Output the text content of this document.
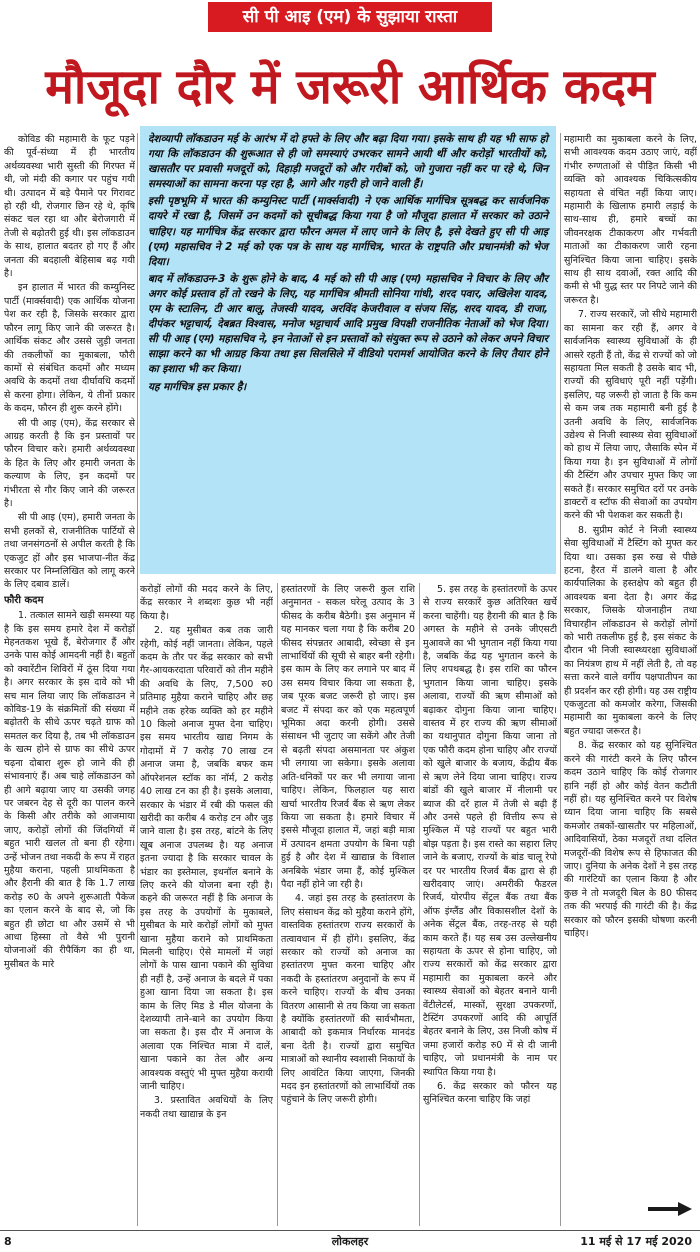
सी पी आइ (एम) के सुझाया रास्ता
मौजूदा दौर में जरूरी आर्थिक कदम

कोविड की महामारी के फूट पड़ने की पूर्व-संध्या में ही भारतीय अर्थव्यवस्था भारी सुस्ती की गिरफ्त में थी, जो मंदी की कगार पर पहुंच गयी थी। उत्पादन में बड़े पैमाने पर गिरावट हो रही थी, रोजगार छिन रहे थे, कृषि संकट चल रहा था और बेरोजगारी में तेजी से बढ़ोतरी हुई थी। इस लॉकडाउन के साथ, हालात बदतर हो गए हैं और जनता की बदहाली बेहिसाब बढ़ गयी है।

इन हालात में भारत की कम्युनिस्ट पार्टी (मार्क्सवादी) एक आर्थिक योजना पेश कर रही है, जिसके सरकार द्वारा फौरन लागू किए जाने की जरूरत है। आर्थिक संकट और उससे जुड़ी जनता की तकलीफों का मुकाबला, फौरी कामों से संबंधित कदमों और मध्यम अवधि के कदमों तथा दीर्घावधि कदमों से करना होगा। लेकिन, ये तीनों प्रकार के कदम, फौरन ही शुरू करने होंगे।

सी पी आइ (एम), केंद्र सरकार से आग्रह करती है कि इन प्रस्तावों पर फौरन विचार करे। हमारी अर्थव्यवस्था के हित के लिए और हमारी जनता के कल्याण के लिए, इन कदमों पर गंभीरता से गौर किए जाने की जरूरत है।

सी पी आइ (एम), हमारी जनता के सभी हलकों से, राजनीतिक पार्टियों से तथा जनसंगठनों से अपील करती है कि एकजुट हों और इस भाजपा-नीत केंद्र सरकार पर निम्नलिखित को लागू करने के लिए दबाव डालें।

फौरी कदम

1. तत्काल सामने खड़ी समस्या यह है कि इस समय हमारे देश में करोड़ों मेहनतकश भूखे हैं, बेरोजगार हैं और उनके पास कोई आमदनी नहीं है। बहुतों को क्वारेंटीन शिविरों में ठूंस दिया गया है। अगर सरकार के इस दावे को भी सच मान लिया जाए कि लॉकडाउन ने कोविड-19 के संक्रमितों की संख्या में बढ़ोतरी के सीधे ऊपर चढ़ते ग्राफ को समतल कर दिया है, तब भी लॉकडाउन के खत्म होने से ग्राफ का सीधे ऊपर चढ़ना दोबारा शुरू हो जाने की ही संभावनाएं हैं। अब चाहे लॉकडाउन को ही आगे बढ़ाया जाए या उसकी जगह पर जबरन देह से दूरी का पालन करने के किसी और तरीके को आजमाया जाए, करोड़ों लोगों की जिंदगियों में बहुत भारी खलल तो बना ही रहेगा। उन्हें भोजन तथा नकदी के रूप में राहत मुहैया कराना, पहली प्राथमिकता है और हैरानी की बात है कि 1.7 लाख करोड़ रु0 के अपने शुरूआती पैकेज का एलान करने के बाद से, जो कि बहुत ही छोटा था और उसमें से भी आधा हिस्सा तो वैसे भी पुरानी योजनाओं की रीपैकिंग का ही था, मुसीबत के मारे

देशव्यापी लॉकडाउन मई के आरंभ में दो हफ्ते के लिए और बढ़ा दिया गया। इसके साथ ही यह भी साफ हो गया कि लॉकडाउन की शुरूआत से ही जो समस्याएं उभरकर सामने आयी थीं और करोड़ों भारतीयों को, खासतौर पर प्रवासी मजदूरों को, दिहाड़ी मजदूरों को और गरीबों को, जो गुजारा नहीं कर पा रहे थे, जिन समस्याओं का सामना करना पड़ रहा है, आगे और गहरी हो जाने वाली हैं।

इसी पृष्ठभूमि में भारत की कम्युनिस्ट पार्टी (मार्क्सवादी) ने एक आर्थिक मार्गचित्र सूत्रबद्ध कर सार्वजनिक दायरे में रखा है, जिसमें उन कदमों को सूचीबद्ध किया गया है जो मौजूदा हालात में सरकार को उठाने चाहिए। यह मार्गचित्र केंद्र सरकार द्वारा फौरन अमल में लाए जाने के लिए है, इसे देखते हुए सी पी आइ (एम) महासचिव ने 2 मई को एक पत्र के साथ यह मार्गचित्र, भारत के राष्ट्रपति और प्रधानमंत्री को भेज दिया।

बाद में लॉकडाउन-3 के शुरू होने के बाद, 4 मई को सी पी आइ (एम) महासचिव ने विचार के लिए और अगर कोई प्रस्ताव हों तो रखने के लिए, यह मार्गचित्र श्रीमती सोनिया गांधी, शरद पवार, अखिलेश यादव, एम के स्टालिन, टी आर बालू, तेजस्वी यादव, अरविंद केजरीवाल व संजय सिंह, शरद यादव, डी राजा, दीपंकर भट्टाचार्य, देबब्रत विश्वास, मनोज भट्टाचार्य आदि प्रमुख विपक्षी राजनीतिक नेताओं को भेज दिया। सी पी आइ (एम) महासचिव ने, इन नेताओं से इन प्रस्तावों को संयुक्त रूप से उठाने को लेकर अपने विचार साझा करने का भी आग्रह किया तथा इस सिलसिले में वीडियो परामर्श आयोजित करने के लिए तैयार होने का इशारा भी कर किया।

यह मार्गचित्र इस प्रकार है।

करोड़ों लोगों की मदद करने के लिए, केंद्र सरकार ने शब्दशः कुछ भी नहीं किया है।

2. यह मुसीबत कब तक जारी रहेगी, कोई नहीं जानता। लेकिन, पहले कदम के तौर पर केंद्र सरकार को सभी गैर-आयकरदाता परिवारों को तीन महीने की अवधि के लिए, 7,500 रु0 प्रतिमाह मुहैया कराने चाहिए और छह महीने तक हरेक व्यक्ति को हर महीने 10 किलो अनाज मुफ्त देना चाहिए। इस समय भारतीय खाद्य निगम के गोदामों में 7 करोड़ 70 लाख टन अनाज जमा है, जबकि बफर कम ऑपरेशनल स्टॉक का नॉर्म, 2 करोड़ 40 लाख टन का ही है। इसके अलावा, सरकार के भंडार में रबी की फसल की खरीदी का करीब 4 करोड़ टन और जुड़ जाने वाला है। इस तरह, बांटने के लिए खूब अनाज उपलब्ध है। यह अनाज इतना ज्यादा है कि सरकार चावल के भंडार का इस्तेमाल, इथनॉल बनाने के लिए करने की योजना बना रही है। कहने की जरूरत नहीं है कि अनाज के इस तरह के उपयोगों के मुकाबले, मुसीबत के मारे करोड़ों लोगों को मुफ्त खाना मुहैया कराने को प्राथमिकता मिलनी चाहिए। ऐसे मामलों में जहां लोगों के पास खाना पकाने की सुविधा ही नहीं है, उन्हें अनाज के बदले में पका हुआ खाना दिया जा सकता है। इस काम के लिए मिड डे मील योजना के देशव्यापी ताने-बाने का उपयोग किया जा सकता है। इस दौर में अनाज के अलावा एक निश्चित मात्रा में दालें, खाना पकाने का तेल और अन्य आवश्यक वस्तुएं भी मुफ्त मुहैया करायी जानी चाहिए।

3. प्रस्तावित अवधियों के लिए नकदी तथा खाद्यान्न के इन

हस्तांतरणों के लिए जरूरी कुल राशि अनुमानत - सकल घरेलू उत्पाद के 3 फीसद के करीब बैठेगी। इस अनुमान में यह मानकर चला गया है कि करीब 20 फीसद संपन्नतर आबादी, स्वेच्छा से इन लाभार्थियों की सूची से बाहर बनी रहेगी। इस काम के लिए कर लगाने पर बाद में उस समय विचार किया जा सकता है, जब पूरक बजट जरूरी हो जाए। इस बजट में संपदा कर को एक महत्वपूर्ण भूमिका अदा करनी होगी। उससे संसाधन भी जुटाए जा सकेंगे और तेजी से बढ़ती संपदा असमानता पर अंकुश भी लगाया जा सकेगा। इसके अलावा अति-धनिकों पर कर भी लगाया जाना चाहिए। लेकिन, फिलहाल यह सारा खर्चा भारतीय रिजर्व बैंक से ऋण लेकर किया जा सकता है। हमारे विचार में इससे मौजूदा हालात में, जहां बड़ी मात्रा में उत्पादन क्षमता उपयोग के बिना पड़ी हुई है और देश में खाद्यान्न के विशाल अनबिके भंडार जमा हैं, कोई मुश्किल पैदा नहीं होने जा रही है।

4. जहां इस तरह के हस्तांतरण के लिए संसाधन केंद्र को मुहैया कराने होंगे, वास्तविक हस्तांतरण राज्य सरकारों के तत्वावधान में ही होंगे। इसलिए, केंद्र सरकार को राज्यों को अनाज का हस्तांतरण मुफ्त करना चाहिए और नकदी के हस्तांतरण अनुदानों के रूप में करने चाहिए। राज्यों के बीच उनका वितरण आसानी से तय किया जा सकता है क्योंकि हस्तांतरणों की सार्वभौमता, आबादी को इकमात्र निर्धारक मानदंड बना देती है। राज्यों द्वारा समुचित मात्राओं को स्थानीय स्वशासी निकायों के लिए आवंटित किया जाएगा, जिनकी मदद इन हस्तांतरणों को लाभार्थियों तक पहुंचाने के लिए जरूरी होगी।

5. इस तरह के हस्तांतरणों के ऊपर से राज्य सरकारें कुछ अतिरिक्त खर्चे करना चाहेंगी। यह हैरानी की बात है कि अगस्त के महीने से उनके जीएसटी मुआवजे का भी भुगतान नहीं किया गया है, जबकि केंद्र यह भुगतान करने के लिए शपथबद्ध है। इस राशि का फौरन भुगतान किया जाना चाहिए। इसके अलावा, राज्यों की ऋण सीमाओं को बढ़ाकर दोगुना किया जाना चाहिए। वास्तव में हर राज्य की ऋण सीमाओं का यथानुपात दोगुना किया जाना तो एक फौरी कदम होना चाहिए और राज्यों को खुले बाजार के बजाय, केंद्रीय बैंक से ऋण लेने दिया जाना चाहिए। राज्य बांडों की खुले बाजार में नीलामी पर ब्याज की दरें हाल में तेजी से बढ़ी हैं और उनसे पहले ही वित्तीय रूप से मुश्किल में पड़े राज्यों पर बहुत भारी बोझ पड़ता है। इस रास्ते का सहारा लिए जाने के बजाए, राज्यों के बांड चालू रेपो दर पर भारतीय रिजर्व बैंक द्वारा से ही खरीदवाए जाएं। अमरीकी फैडरल रिजर्व, योरपीय सेंट्रल बैंक तथा बैंक ऑफ इंग्लैंड और विकासशील देशों के अनेक सेंट्रल बैंक, तरह-तरह से यही काम करते हैं। यह सब उस उल्लेखनीय सहायता के ऊपर से होना चाहिए, जो राज्य सरकारों को केंद्र सरकार द्वारा महामारी का मुकाबला करने और स्वास्थ्य सेवाओं को बेहतर बनाने यानी वेंटीलेटर्स, मास्कों, सुरक्षा उपकरणों, टैस्टिंग उपकरणों आदि की आपूर्ति बेहतर बनाने के लिए, उस निजी कोष में जमा हजारों करोड़ रु0 में से दी जानी चाहिए, जो प्रधानमंत्री के नाम पर स्थापित किया गया है।

6. केंद्र सरकार को फौरन यह सुनिश्चित करना चाहिए कि जहां

महामारी का मुकाबला करने के लिए, सभी आवश्यक कदम उठाए जाएं, वहीं गंभीर रुग्णताओं से पीड़ित किसी भी व्यक्ति को आवश्यक चिकित्सकीय सहायता से वंचित नहीं किया जाए। महामारी के खिलाफ हमारी लड़ाई के साथ-साथ ही, हमारे बच्चों का जीवनरक्षक टीकाकरण और गर्भवती माताओं का टीकाकरण जारी रहना सुनिश्चित किया जाना चाहिए। इसके साथ ही साथ दवाओं, रक्त आदि की कमी से भी युद्ध स्तर पर निपटे जाने की जरूरत है।

7. राज्य सरकारें, जो सीधे महामारी का सामना कर रही हैं, अगर वे सार्वजनिक स्वास्थ्य सुविधाओं के ही आसरे रहती हैं तो, केंद्र से राज्यों को जो सहायता मिल सकती है उसके बाद भी, राज्यों की सुविधाएं पूरी नहीं पड़ेंगी। इसलिए, यह जरूरी हो जाता है कि कम से कम जब तक महामारी बनी हुई है उतनी अवधि के लिए, सार्वजनिक उद्येश्य से निजी स्वास्थ्य सेवा सुविधाओं को हाथ में लिया जाए, जैसाकि स्पेन में किया गया है। इन सुविधाओं में लोगों की टैस्टिंग और उपचार मुफ्त किए जा सकते हैं। सरकार समुचित दरों पर उनके डाक्टरों व स्टॉफ की सेवाओं का उपयोग करने की भी पेशकश कर सकती है।

8. सुप्रीम कोर्ट ने निजी स्वास्थ्य सेवा सुविधाओं में टैस्टिंग को मुफ्त कर दिया था। उसका इस रुख से पीछे हटना, हैरत में डालने वाला है और कार्यपालिका के हस्तक्षेप को बहुत ही आवश्यक बना देता है। अगर केंद्र सरकार, जिसके योजनाहीन तथा विचारहीन लॉकडाउन से करोड़ों लोगों को भारी तकलीफ हुई है, इस संकट के दौरान भी निजी स्वास्थ्यरक्षा सुविधाओं का नियंत्रण हाथ में नहीं लेती है, तो वह सत्ता करने वाले वर्गीय पक्षपातीपन का ही प्रदर्शन कर रही होगी। यह उस राष्ट्रीय एकजुटता को कमजोर करेगा, जिसकी महामारी का मुकाबला करने के लिए बहुत ज्यादा जरूरत है।

8. केंद्र सरकार को यह सुनिश्चित करने की गारंटी करने के लिए फौरन कदम उठाने चाहिए कि कोई रोजगार हानि नहीं हो और कोई वेतन कटौती नहीं हो। यह सुनिश्चित करने पर विशेष ध्यान दिया जाना चाहिए कि सबसे कमजोर तबकों-खासतौर पर महिलाओं, आदिवासियों, ठेका मजदूरों तथा दलित मजदूरों-की विशेष रूप से हिफाजत की जाए। दुनिया के अनेक देशों ने इस तरह की गारंटियों का एलान किया है और कुछ ने तो मजदूरी बिल के 80 फीसद तक की भरपाई की गारंटी की है। केंद्र सरकार को फौरन इसकी घोषणा करनी चाहिए।

8	लोकलहर	11 मई से 17 मई 2020
